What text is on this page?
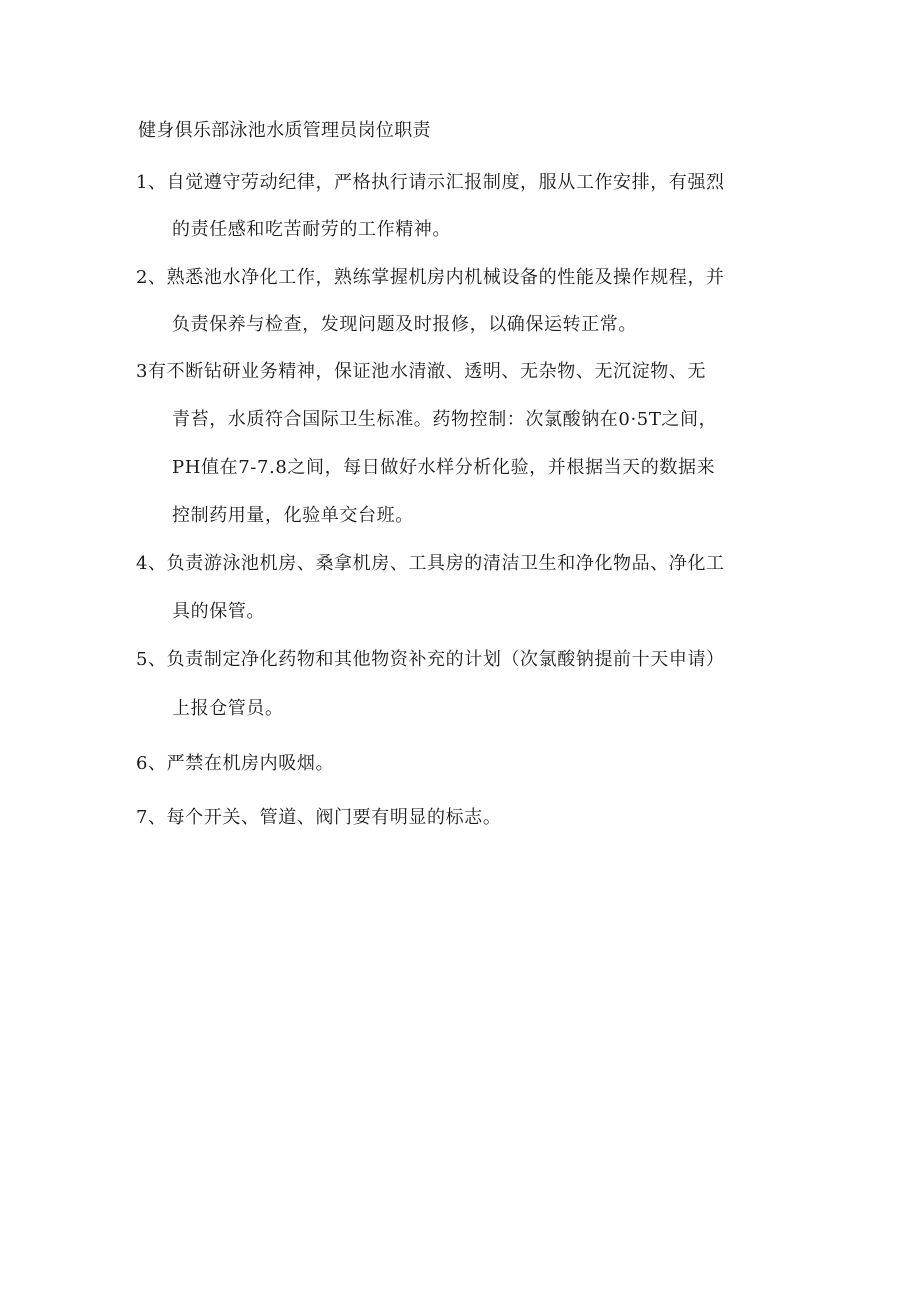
健身俱乐部泳池水质管理员岗位职责
1、自觉遵守劳动纪律，严格执行请示汇报制度，服从工作安排，有强烈
的责任感和吃苦耐劳的工作精神。
2、熟悉池水净化工作，熟练掌握机房内机械设备的性能及操作规程，并
负责保养与检查，发现问题及时报修，以确保运转正常。
3有不断钻研业务精神，保证池水清澈、透明、无杂物、无沉淀物、无
青苔，水质符合国际卫生标准。药物控制：次氯酸钠在0·5T之间，
PH值在7-7.8之间，每日做好水样分析化验，并根据当天的数据来
控制药用量，化验单交台班。
4、负责游泳池机房、桑拿机房、工具房的清洁卫生和净化物品、净化工
具的保管。
5、负责制定净化药物和其他物资补充的计划（次氯酸钠提前十天申请）
上报仓管员。
6、严禁在机房内吸烟。
7、每个开关、管道、阀门要有明显的标志。
